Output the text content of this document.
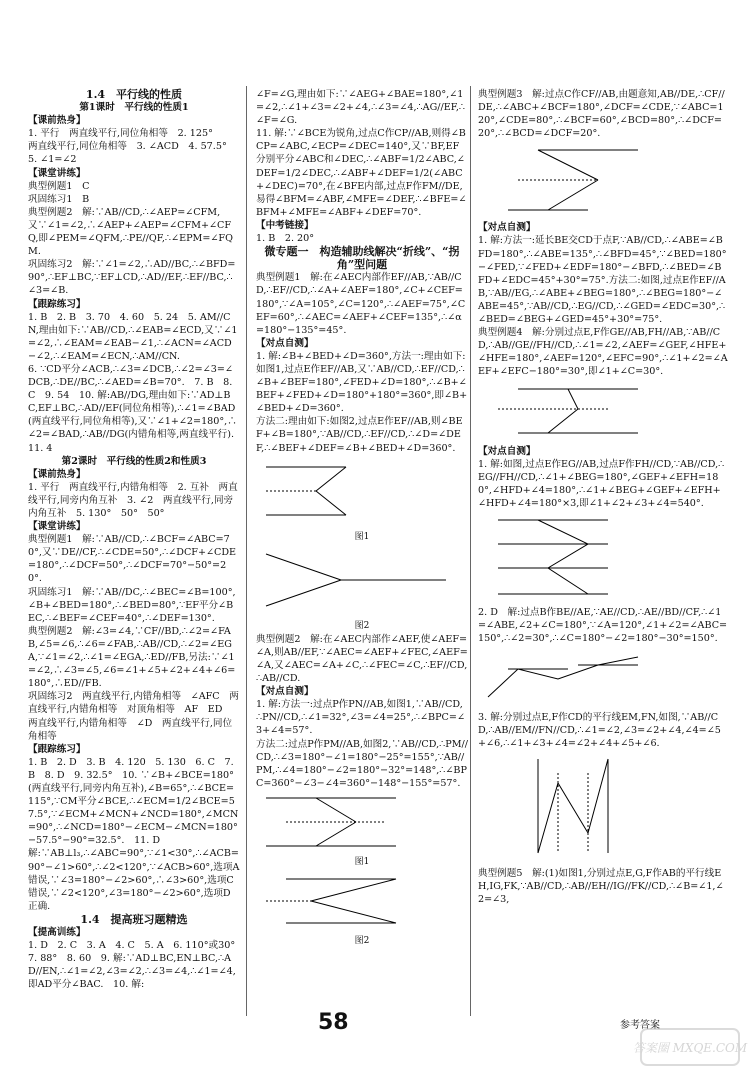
1.4　平行线的性质

第1课时　平行线的性质1

【课前热身】

1. 平行　两直线平行,同位角相等　2. 125°

两直线平行,同位角相等　3. ∠ACD　4. 57.5°

5. ∠1=∠2

【课堂讲练】

典型例题1　C

巩固练习1　B

典型例题2　解:∵AB//CD,∴∠AEP=∠CFM,

又∵∠1=∠2,∴∠AEP+∠AEP=∠CFM+∠CFQ,即∠PEM=∠QFM,∴PE//QF,∴∠EPM=∠FQM.

巩固练习2　解:∵∠1=∠2,∴AD//BC,∴∠BFD=90°,∴EF⊥BC,∵EF⊥CD,∴AD//EF,∴EF//BC,∴∠3=∠B.

【跟踪练习】

1. B　2. B　3. 70　4. 60　5. 24　5. AM//CN,理由如下:∵AB//CD,∴∠EAB=∠ECD,又∵∠1=∠2,∴∠EAM=∠EAB−∠1,∴∠ACN=∠ACD−∠2,∴∠EAM=∠ECN,∴AM//CN.

6. ∵CD平分∠ACB,∴∠3=∠DCB,∴∠2=∠3=∠DCB,∴DE//BC,∴∠AED=∠B=70°.　7. B　8. C　9. 54　10. 解:AB//DG,理由如下:∵AD⊥BC,EF⊥BC,∴AD//EF(同位角相等),∴∠1=∠BAD(两直线平行,同位角相等),又∵∠1+∠2=180°,∴∠2=∠BAD,∴AB//DG(内错角相等,两直线平行).　11. 4

第2课时　平行线的性质2和性质3

【课前热身】

1. 平行　两直线平行,内错角相等　2. 互补　两直线平行,同旁内角互补　3. ∠2　两直线平行,同旁内角互补　5. 130°　50°　50°

【课堂讲练】

典型例题1　解:∵AB//CD,∴∠BCF=∠ABC=70°,又∵DE//CF,∴∠CDE=50°,∴∠DCF+∠CDE=180°,∴∠DCF=50°,∴∠DCF=70°−50°=20°.

巩固练习1　解:∵AB//DC,∴∠BEC=∠B=100°,∠B+∠BED=180°,∴∠BED=80°,∵EF平分∠BEC,∴∠BEF=∠CEF=40°,∴∠DEF=130°.

典型例题2　解:∠3=∠4,∵CF//BD,∴∠2=∠FAB,∠5=∠6,∴∠6=∠FAB,∴AB//CD,∴∠2=∠EGA,∵∠1=∠2,∴∠1=∠EGA,∴ED//FB,另法:∵∠1=∠2,∴∠3=∠5,∠6=∠1+∠5+∠2+∠4+∠6=180°,∴ED//FB.

巩固练习2　两直线平行,内错角相等　∠AFC　两直线平行,内错角相等　对顶角相等　AF　ED　两直线平行,内错角相等　∠D　两直线平行,同位角相等

【跟踪练习】

1. B　2. D　3. B　4. 120　5. 130　6. C　7. B　8. D　9. 32.5°　10. ∵∠B+∠BCE=180°(两直线平行,同旁内角互补),∠B=65°,∴∠BCE=115°,∵CM平分∠BCE,∴∠ECM=1/2∠BCE=57.5°,∵∠ECM+∠MCN+∠NCD=180°,∠MCN=90°,∴∠NCD=180°−∠ECM−∠MCN=180°−57.5°−90°=32.5°.　11. D

解:∵AB⊥l₃,∴∠ABC=90°,∵∠1<30°,∴∠ACB=90°−∠1>60°,∴∠2<120°,∵∠ACB>60°,选项A错误,∵∠3=180°−∠2>60°,∴∠3>60°,选项C错误,∵∠2<120°,∠3=180°−∠2>60°,选项D正确.

1.4　提高班习题精选

【提高训练】

1. D　2. C　3. A　4. C　5. A　6. 110°或30°　7. 88°　8. 60　9. 解:∵AD⊥BC,EN⊥BC,∴AD//EN,∴∠1=∠2,∠3=∠2,∴∠3=∠4,∴∠1=∠4,即AD平分∠BAC.　10. 解:

∠F=∠G,理由如下:∵∠AEG+∠BAE=180°,∠1=∠2,∴∠1+∠3=∠2+∠4,∴∠3=∠4,∴AG//EF,∴∠F=∠G.

11. 解:∵∠BCE为锐角,过点C作CP//AB,则得∠BCP=∠ABC,∠ECP=∠DEC=140°,又∵BF,EF分别平分∠ABC和∠DEC,∴∠ABF=1/2∠ABC,∠DEF=1/2∠DEC,∴∠ABF+∠DEF=1/2(∠ABC+∠DEC)=70°,在∠BFE内部,过点F作FM//DE,易得∠BFM=∠ABF,∠MFE=∠DEF,∴∠BFE=∠BFM+∠MFE=∠ABF+∠DEF=70°.

【中考链接】

1. B　2. 20°

微专题一　构造辅助线解决“折线”、“拐角”型问题

典型例题1　解:在∠AEC内部作EF//AB,∵AB//CD,∴EF//CD,∴∠A+∠AEF=180°,∠C+∠CEF=180°,∵∠A=105°,∠C=120°,∴∠AEF=75°,∠CEF=60°,∴∠AEC=∠AEF+∠CEF=135°,∴∠α=180°−135°=45°.

【对点自测】

1. 解:∠B+∠BED+∠D=360°,方法一:理由如下:如图1,过点E作EF//AB,又∵AB//CD,∴EF//CD,∴∠B+∠BEF=180°,∠FED+∠D=180°,∴∠B+∠BEF+∠FED+∠D=180°+180°=360°,即∠B+∠BED+∠D=360°.

方法二:理由如下:如图2,过点E作EF//AB,则∠BEF+∠B=180°,∵AB//CD,∴EF//CD,∴∠D=∠DEF,∴∠BEF+∠DEF=∠B+∠BED+∠D=360°.

图1
图2

典型例题2　解:在∠AEC内部作∠AEF,使∠AEF=∠A,则AB//EF,∵∠AEC=∠AEF+∠FEC,∠AEF=∠A,又∠AEC=∠A+∠C,∴∠FEC=∠C,∴EF//CD,∴AB//CD.

【对点自测】

1. 解:方法一:过点P作PN//AB,如图1,∵AB//CD,∴PN//CD,∴∠1=32°,∠3=∠4=25°,∴∠BPC=∠3+∠4=57°.

方法二:过点P作PM//AB,如图2,∵AB//CD,∴PM//CD,∴∠3=180°−∠1=180°−25°=155°,∵AB//PM,∴∠4=180°−∠2=180°−32°=148°,∴∠BPC=360°−∠3−∠4=360°−148°−155°=57°.

图1
图2

典型例题3　解:过点C作CF//AB,由题意知,AB//DE,∴CF//DE,∴∠ABC+∠BCF=180°,∠DCF=∠CDE,∵∠ABC=120°,∠CDE=80°,∴∠BCF=60°,∠BCD=80°,∴∠DCF=20°,∴∠BCD=∠DCF=20°.

【对点自测】

1. 解:方法一:延长BE交CD于点F,∵AB//CD,∴∠ABE=∠BFD=180°,∴∠ABE=135°,∴∠BFD=45°,∵∠BED=180°−∠FED,∵∠FED+∠EDF=180°−∠BFD,∴∠BED=∠BFD+∠EDC=45°+30°=75°.方法二:如图,过点E作EF//AB,∵AB//EG,∴∠ABE+∠BEG=180°,∴∠BEG=180°−∠ABE=45°,∵AB//CD,∴EG//CD,∴∠GED=∠EDC=30°,∴∠BED=∠BEG+∠GED=45°+30°=75°.

典型例题4　解:分别过点E,F作GE//AB,FH//AB,∵AB//CD,∴AB//GE//FH//CD,∴∠1=∠2,∠AEF=∠GEF,∠HFE+∠HFE=180°,∠AEF=120°,∠EFC=90°,∴∠1+∠2=∠AEF+∠EFC−180°=30°,即∠1+∠C=30°.

【对点自测】

1. 解:如图,过点E作EG//AB,过点F作FH//CD,∵AB//CD,∴EG//FH//CD,∴∠1+∠BEG=180°,∠GEF+∠EFH=180°,∠HFD+∠4=180°,∴∠1+∠BEG+∠GEF+∠EFH+∠HFD+∠4=180°×3,即∠1+∠2+∠3+∠4=540°.

2. D　解:过点B作BE//AE,∵AE//CD,∴AE//BD//CF,∴∠1=∠ABE,∠2+∠C=180°,∵∠A=120°,∠1+∠2=∠ABC=150°,∴∠2=30°,∴∠C=180°−∠2=180°−30°=150°.

3. 解:分别过点E,F作CD的平行线EM,FN,如图,∵AB//CD,∴AB//EM//FN//CD,∴∠1=∠2,∠3=∠2+∠4,∠4=∠5+∠6,∴∠1+∠3+∠4=∠2+∠4+∠5+∠6.

典型例题5　解:(1)如图1,分别过点E,G,F作AB的平行线EH,IG,FK,∵AB//CD,∴AB//EH//IG//FK//CD,∴∠B=∠1,∠2=∠3,

58	参考答案
答案圈 MXQE.COM
